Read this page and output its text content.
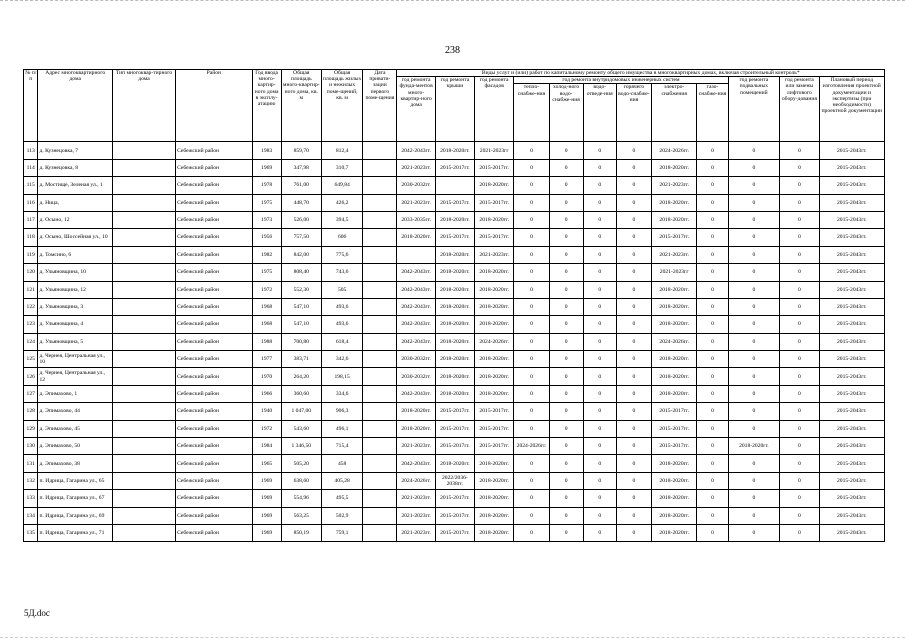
238
№ п/п	Адрес многоквартирного дома	Тип многоквар-тирного дома	Район	Год ввода много-картир-ного дома в эксплу-атацию	Общая площадь много-квартир-ного дома, кв. м	Общая площадь жилых и нежилых поме-щений, кв. м	Дата привати-зации первого поме-щения	Виды услуг и (или) работ по капитальному ремонту общего имущества в многоквартирных домах, включая строительный контроль*											
								год ремонта фунда-ментов много-квартир-ного дома	год ремонта крыши	год ремонта фасадов	год ремонта внутридомовых инженерных систем						год ремонта подвальных помещений	год ремонта или замены лифтового обору-дования	Плановый период изготовления проектной документации и экспертизы (при необходимости) проектной документации
											тепло-снабже-ния	холод-ного водо-снабже-ния	водо-отведе-ния	горячего водо-снабже-ния	электро-снабжения	газо-снабже-ния			
113	д. Кузнецовка, 7		Себежский район	1983	859,70	812,4		2042-2043гг.	2018-2020гг.	2021-2023гг	0	0	0	0	2024-2026гг.	0	0	0	2015-2043гг.
114	д. Кузнецовка, 8		Себежский район	1969	347,98	310,7		2021-2023гг.	2015-2017гг.	2015-2017гг.	0	0	0	0	2018-2020гг.	0	0	0	2015-2043гг.
115	д. Мостище, Зеленая ул., 1		Себежский район	1978	761,00	649,84		2030-2032гг.		2018-2020гг.	0	0	0	0	2021-2023гг.	0	0	0	2015-2043гг.
116	д. Ница,		Себежский район	1975	448,70	426,2		2021-2023гг.	2015-2017гг.	2015-2017гг.	0	0	0	0	2018-2020гг.	0	0	0	2015-2043гг.
117	д. Осыно, 12		Себежский район	1973	526,00	394,5		2033-2035гг.	2018-2020гг.	2018-2020гг.	0	0	0	0	2018-2020гг.	0	0	0	2015-2043гг.
118	д. Осыно, Шоссейная ул., 10		Себежский район	1956	757,50	606		2018-2020гг.	2015-2017гг.	2015-2017гг.	0	0	0	0	2015-2017гг.	0	0	0	2015-2043гг.
119	д. Томсино, 6		Себежский район	1982	842,00	775,6			2018-2020гг.	2021-2023гг.	0	0	0	0	2021-2023гг.	0	0	0	2015-2043гг.
120	д. Ульяновщина, 10		Себежский район	1975	808,40	743,6		2042-2043гг.	2018-2020гг.	2018-2020гг.	0	0	0	0	2021-2023гг	0	0	0	2015-2043гг.
121	д. Ульяновщина, 12		Себежский район	1972	552,30	505		2042-2043гг.	2018-2020гг.	2018-2020гг.	0	0	0	0	2018-2020гг.	0	0	0	2015-2043гг.
122	д. Ульяновщина, 3		Себежский район	1968	547,10	493,6		2042-2043гг.	2018-2020гг.	2018-2020гг.	0	0	0	0	2018-2020гг.	0	0	0	2015-2043гг.
123	д. Ульяновщина, 4		Себежский район	1968	547,10	493,6		2042-2043гг.	2018-2020гг.	2018-2020гг.	0	0	0	0	2018-2020гг.	0	0	0	2015-2043гг.
124	д. Ульяновщина, 5		Себежский район	1988	700,80	618,4		2042-2043гг.	2018-2020гг.	2024-2026гг.	0	0	0	0	2024-2026гг.	0	0	0	2015-2043гг.
125	д. Чернея, Центральная ул., 10		Себежский район	1977	383,71	342,6		2030-2032гг.	2018-2020гг.	2018-2020гг.	0	0	0	0	2018-2020гг.	0	0	0	2015-2043гг.
126	д. Чернея, Центральная ул., 12		Себежский район	1970	264,20	198,15		2030-2032гг.	2018-2020гг.	2018-2020гг.	0	0	0	0	2018-2020гг.	0	0	0	2015-2043гг.
127	д. Эпимахово, 1		Себежский район	1966	360,60	334,6		2042-2043гг.	2018-2020гг.	2018-2020гг.	0	0	0	0	2018-2020гг.	0	0	0	2015-2043гг.
128	д. Эпимахово, 44		Себежский район	1940	1 047,00	906,3		2018-2020гг.	2015-2017гг.	2015-2017гг.	0	0	0	0	2015-2017гг.	0	0	0	2015-2043гг.
129	д. Эпимахово, 45		Себежский район	1972	543,60	496,1		2018-2020гг.	2015-2017гг.	2015-2017гг.	0	0	0	0	2015-2017гг.	0	0	0	2015-2043гг.
130	д. Эпимахово, 50		Себежский район	1984	1 346,50	715,4		2021-2023гг.	2015-2017гг.	2015-2017гг.	2024-2026гг.	0	0	0	2015-2017гг.	0	2018-2020гг.	0	2015-2043гг.
131	д. Эпимахово, 38		Себежский район	1965	505,20	458		2042-2043гг.	2018-2020гг.	2018-2020гг.	0	0	0	0	2018-2020гг.	0	0	0	2015-2043гг.
132	п. Идрица, Гагарина ул., 65		Себежский район	1969	638,60	405,28		2024-2026гг.	2022/2036-2038гг.	2018-2020гг.	0	0	0	0	2018-2020гг.	0	0	0	2015-2043гг.
133	п. Идрица, Гагарина ул., 67		Себежский район	1969	554,96	495,5		2021-2023гг.	2015-2017гг.	2018-2020гг.	0	0	0	0	2018-2020гг.	0	0	0	2015-2043гг.
134	п. Идрица, Гагарина ул., 69		Себежский район	1969	563,25	502,9		2021-2023гг.	2015-2017гг.	2018-2020гг.	0	0	0	0	2018-2020гг.	0	0	0	2015-2043гг.
135	п. Идрица, Гагарина ул., 71		Себежский район	1969	850,19	759,1		2021-2023гг.	2015-2017гг.	2018-2020гг.	0	0	0	0	2018-2020гг.	0	0	0	2015-2043гг.
5Д.doc
